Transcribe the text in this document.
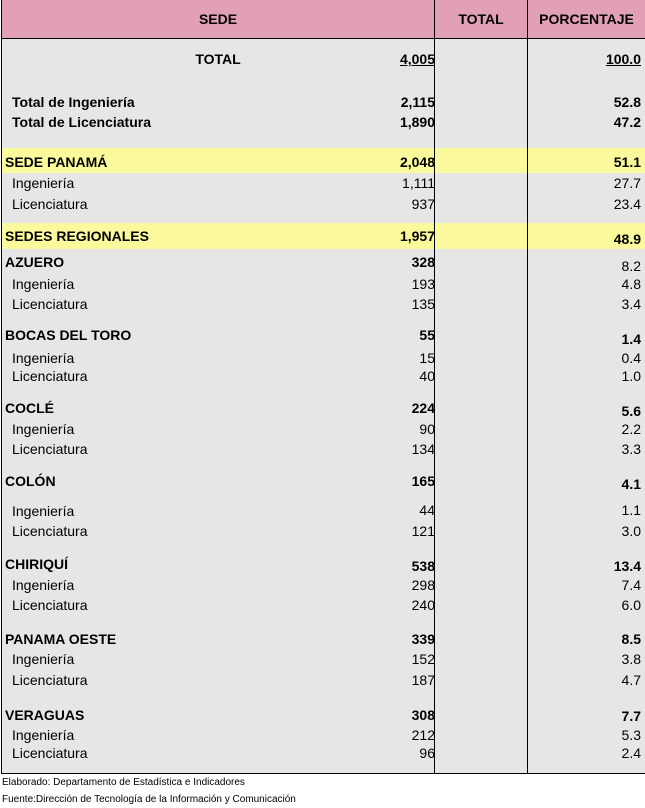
SEDE	TOTAL	PORCENTAJE
TOTAL	4,005	100.0
Total de Ingeniería	2,115	52.8
Total de Licenciatura	1,890	47.2
SEDE PANAMÁ	2,048	51.1
Ingeniería	1,111	27.7
Licenciatura	937	23.4
SEDES REGIONALES	1,957	48.9
AZUERO	328	8.2
Ingeniería	193	4.8
Licenciatura	135	3.4
BOCAS DEL TORO	55	1.4
Ingeniería	15	0.4
Licenciatura	40	1.0
COCLÉ	224	5.6
Ingeniería	90	2.2
Licenciatura	134	3.3
COLÓN	165	4.1
Ingeniería	44	1.1
Licenciatura	121	3.0
CHIRIQUÍ	538	13.4
Ingeniería	298	7.4
Licenciatura	240	6.0
PANAMA OESTE	339	8.5
Ingeniería	152	3.8
Licenciatura	187	4.7
VERAGUAS	308	7.7
Ingeniería	212	5.3
Licenciatura	96	2.4
Elaborado: Departamento de Estadística e Indicadores
Fuente:Dirección de Tecnología de la Información y Comunicación
